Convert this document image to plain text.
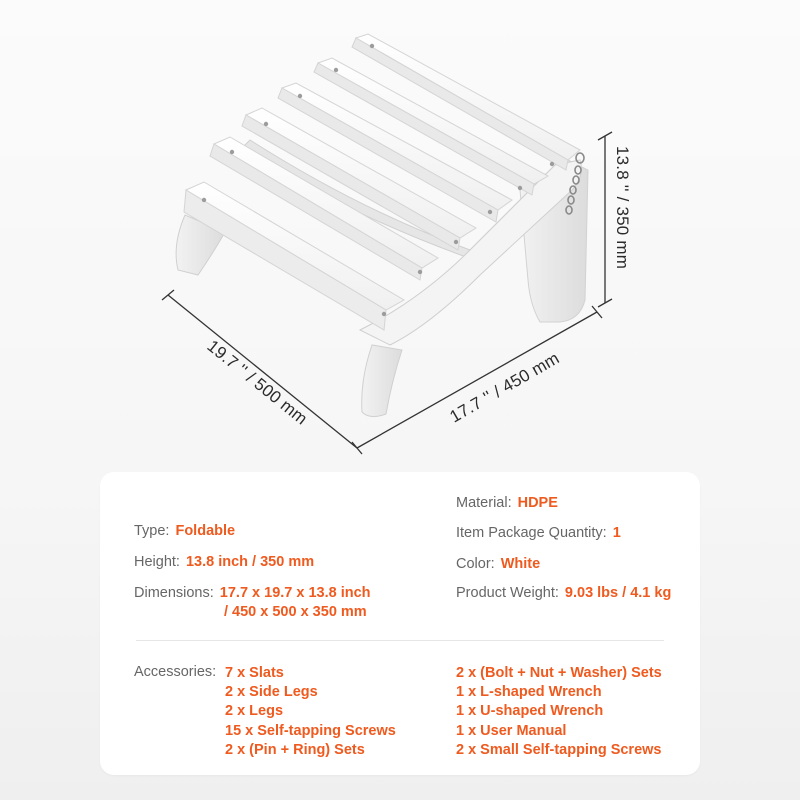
13.8 '' / 350 mm
17.7 '' / 450 mm
19.7 '' / 500 mm
Type: Foldable
Height: 13.8 inch / 350 mm
Dimensions: 17.7 x 19.7 x 13.8 inch
/ 450 x 500 x 350 mm
Material: HDPE
Item Package Quantity: 1
Color: White
Product Weight: 9.03 lbs / 4.1 kg
Accessories: 7 x Slats
2 x Side Legs
2 x Legs
15 x Self-tapping Screws
2 x (Pin + Ring) Sets
2 x (Bolt + Nut + Washer) Sets
1 x L-shaped Wrench
1 x U-shaped Wrench
1 x User Manual
2 x Small Self-tapping Screws
